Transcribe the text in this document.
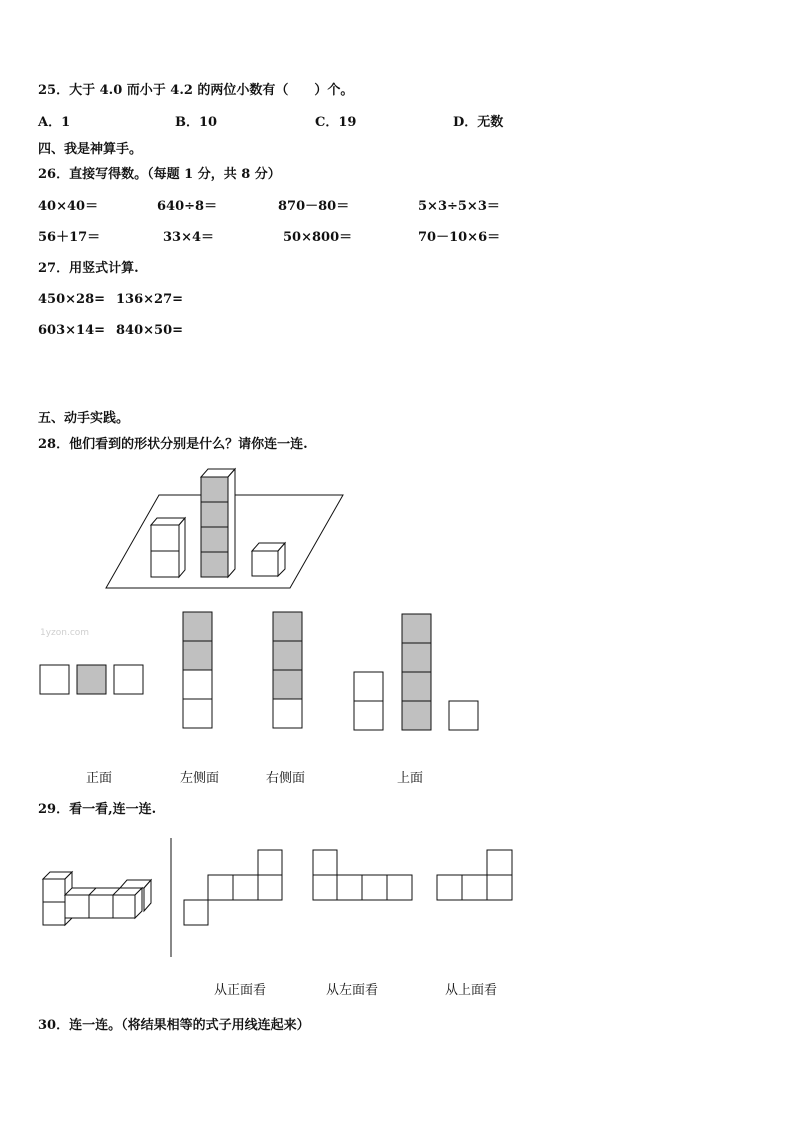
25．大于 4.0 而小于 4.2 的两位小数有（　　）个。
A．1	B．10	C．19	D．无数
四、我是神算手。
26．直接写得数。（每题 1 分，共 8 分）
40×40＝	640÷8＝	870－80＝	5×3÷5×3＝
56＋17＝	33×4＝	50×800＝	70－10×6＝
27．用竖式计算.
450×28= 136×27=
603×14= 840×50=
五、动手实践。
28．他们看到的形状分别是什么？请你连一连.
1yzon.com
正面	左侧面	右侧面	上面
29．看一看,连一连.
从正面看	从左面看	从上面看
30．连一连。（将结果相等的式子用线连起来）
